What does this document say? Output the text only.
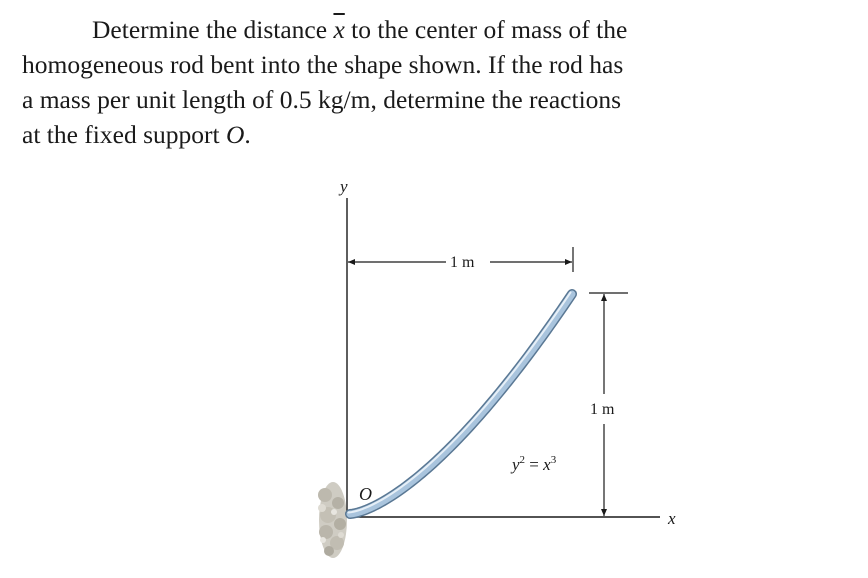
Determine the distance $\overline{x}$ to the center of mass of the

homogeneous rod bent into the shape shown. If the rod has

a mass per unit length of 0.5 kg/m, determine the reactions

at the fixed support O.

y
x
O
1 m
1 m
$y^2 = x^3$
